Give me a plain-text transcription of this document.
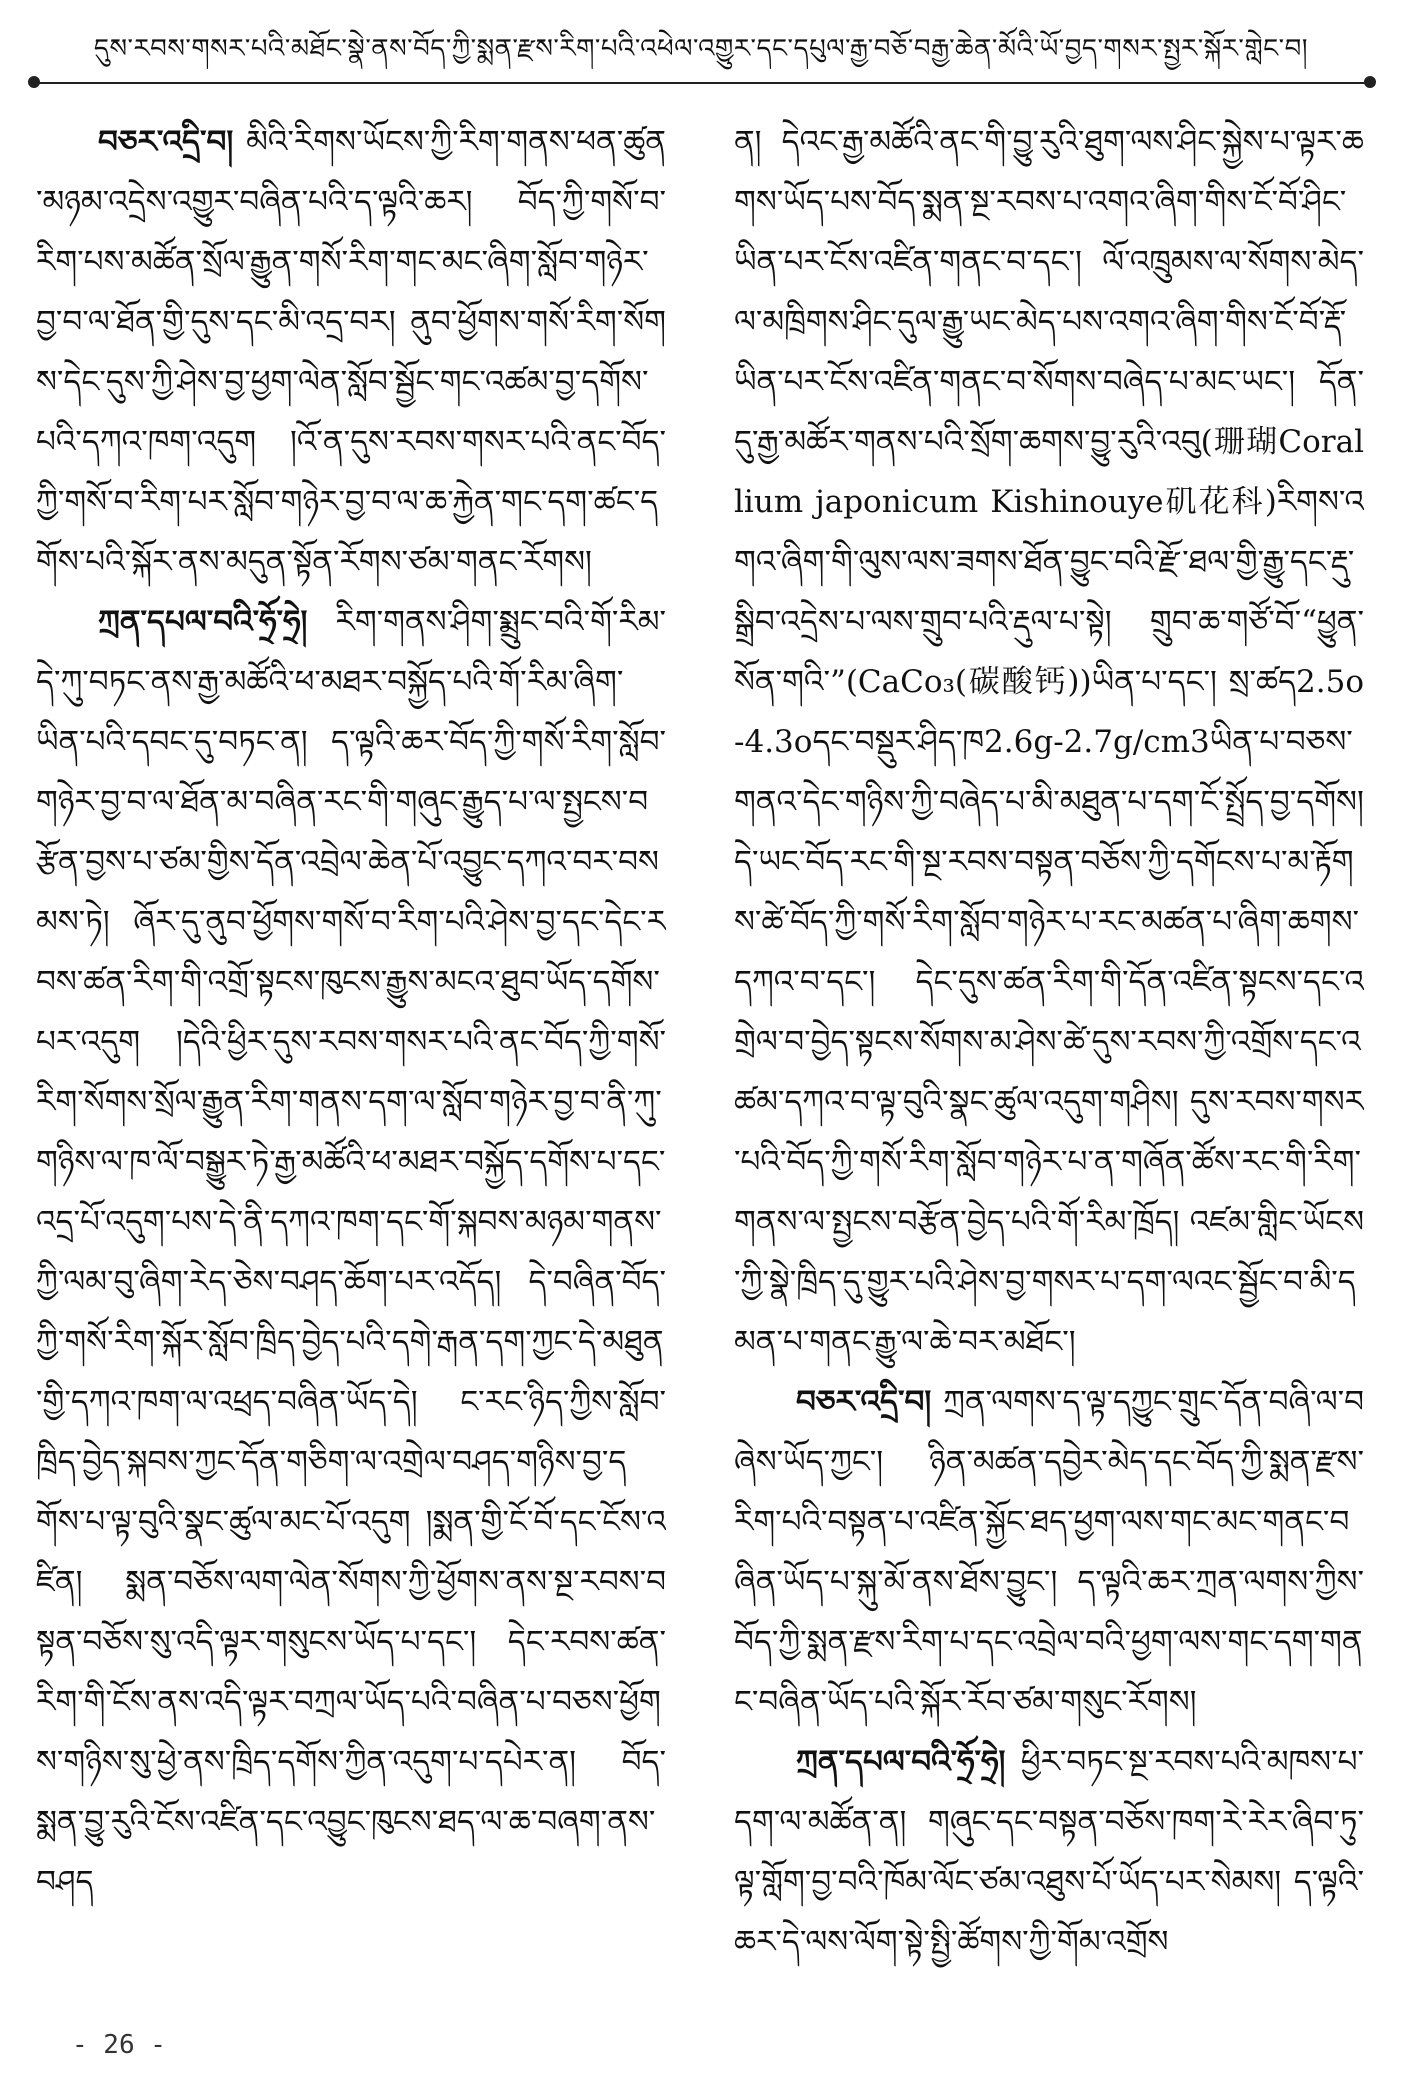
དུས་རབས་གསར་པའི་མཐོང་སྣེ་ནས་བོད་ཀྱི་སྨན་རྫས་རིག་པའི་འཕེལ་འགྱུར་དང་དཔུལ་རྒྱ་བཅོ་བརྒྱ་ཆེན་མོའི་ཡོ་བྱད་གསར་སྤྱར་སྐོར་གླེང་བ།

བཅར་འདྲི་བ། མིའི་རིགས་ཡོངས་ཀྱི་རིག་གནས་ཕན་ཚུན་མཉམ་འདྲེས་འགྱུར་བཞིན་པའི་ད་ལྟའི་ཆར། བོད་ཀྱི་གསོ་བ་རིག་པས་མཚོན་སྲོལ་རྒྱུན་གསོ་རིག་གང་མང་ཞིག་སློབ་གཉེར་བྱ་བ་ལ་ཐོན་གྱི་དུས་དང་མི་འདྲ་བར། ནུབ་ཕྱོགས་གསོ་རིག་སོགས་དེང་དུས་ཀྱི་ཤེས་བྱ་ཕྱག་ལེན་སློབ་སྦྱོང་གང་འཚམ་བྱ་དགོས་པའི་དཀའ་ཁག་འདུག །འོ་ན་དུས་རབས་གསར་པའི་ནང་བོད་ཀྱི་གསོ་བ་རིག་པར་སློབ་གཉེར་བྱ་བ་ལ་ཆ་རྐྱེན་གང་དག་ཚང་དགོས་པའི་སྐོར་ནས་མདུན་སྟོན་རོགས་ཙམ་གནང་རོགས།

ཀྲན་དཔལ་བའི་ཧྲོ་ཧྲེ། རིག་གནས་ཤིག་སྨྲུང་བའི་གོ་རིམ་དེ་ཀུ་བཏང་ནས་རྒྱ་མཚོའི་ཕ་མཐར་བསྐྱོད་པའི་གོ་རིམ་ཞིག་ཡིན་པའི་དབང་དུ་བཏང་ན། ད་ལྟའི་ཆར་བོད་ཀྱི་གསོ་རིག་སློབ་གཉེར་བྱ་བ་ལ་ཐོན་མ་བཞིན་རང་གི་གཞུང་རྒྱུད་པ་ལ་སྤྱངས་བརྩོན་བྱས་པ་ཙམ་གྱིས་དོན་འབྲེལ་ཆེན་པོ་འབྱུང་དཀའ་བར་བསམས་ཏེ། ཞོར་དུ་ནུབ་ཕྱོགས་གསོ་བ་རིག་པའི་ཤེས་བྱ་དང་དེང་རབས་ཚན་རིག་གི་འགྲོ་སྟངས་ཁུངས་རྒྱུས་མངའ་ཐུབ་ཡོད་དགོས་པར་འདུག །དེའི་ཕྱིར་དུས་རབས་གསར་པའི་ནང་བོད་ཀྱི་གསོ་རིག་སོགས་སྲོལ་རྒྱུན་རིག་གནས་དག་ལ་སློབ་གཉེར་བྱ་བ་ནི་ཀུ་གཉིས་ལ་ཁ་ལོ་བསྒྱུར་ཏེ་རྒྱ་མཚོའི་ཕ་མཐར་བསྐྱོད་དགོས་པ་དང་འདྲ་པོ་འདུག་པས་དེ་ནི་དཀའ་ཁག་དང་གོ་སྐབས་མཉམ་གནས་ཀྱི་ལམ་བུ་ཞིག་རེད་ཅེས་བཤད་ཆོག་པར་འདོད། དེ་བཞིན་བོད་ཀྱི་གསོ་རིག་སྐོར་སློབ་ཁྲིད་བྱེད་པའི་དགེ་རྒན་དག་ཀྱང་དེ་མཐུན་གྱི་དཀའ་ཁག་ལ་འཕྲད་བཞིན་ཡོད་དེ། ང་རང་ཉིད་ཀྱིས་སློབ་ཁྲིད་བྱེད་སྐབས་ཀྱང་དོན་གཅིག་ལ་འགྲེལ་བཤད་གཉིས་བྱ་དགོས་པ་ལྟ་བུའི་སྣང་ཚུལ་མང་པོ་འདུག །སྨན་གྱི་ངོ་བོ་དང་ངོས་འཛིན། སྨན་བཅོས་ལག་ལེན་སོགས་ཀྱི་ཕྱོགས་ནས་སྔ་རབས་བསྟན་བཅོས་སུ་འདི་ལྟར་གསུངས་ཡོད་པ་དང་། དེང་རབས་ཚན་རིག་གི་ངོས་ནས་འདི་ལྟར་བཀྲལ་ཡོད་པའི་བཞིན་པ་བཅས་ཕྱོགས་གཉིས་སུ་ཕྱེ་ནས་ཁྲིད་དགོས་ཀྱིན་འདུག་པ་དཔེར་ན། བོད་སྨན་བྱུ་རུའི་ངོས་འཛིན་དང་འབྱུང་ཁུངས་ཐད་ལ་ཆ་བཞག་ནས་བཤད

ན། དེའང་རྒྱ་མཚོའི་ནང་གི་བྱུ་རུའི་ཐུག་ལས་ཤིང་སྐྱེས་པ་ལྟར་ཆགས་ཡོད་པས་བོད་སྨན་སྔ་རབས་པ་འགའ་ཞིག་གིས་ངོ་བོ་ཤིང་ཡིན་པར་ངོས་འཛིན་གནང་བ་དང་། ལོ་འཁྲུམས་ལ་སོགས་མེད་ལ་མཁྲིགས་ཤིང་དུལ་རྒྱུ་ཡང་མེད་པས་འགའ་ཞིག་གིས་ངོ་བོ་རྡོ་ཡིན་པར་ངོས་འཛིན་གནང་བ་སོགས་བཞེད་པ་མང་ཡང་། དོན་དུ་རྒྱ་མཚོར་གནས་པའི་སྲོག་ཆགས་བྱུ་རུའི་འབུ(珊瑚Corallium japonicum Kishinouye矶花科)རིགས་འགའ་ཞིག་གི་ལུས་ལས་ཟགས་ཐོན་བྱུང་བའི་རྫོ་ཐལ་གྱི་རྒྱུ་དང་རྡུ་སྒྲིབ་འདྲེས་པ་ལས་གྲུབ་པའི་རྡུལ་པ་སྟེ། གྲུབ་ཆ་གཙོ་བོ་“ཕྱུན་སོན་གའི་”(CaCo₃(碳酸钙))ཡིན་པ་དང་། སྲ་ཚད2.5o-4.3oདང་བསྡུར་ཤིད་ཁ2.6g-2.7g/cm3ཡིན་པ་བཅས་གནའ་དེང་གཉིས་ཀྱི་བཞེད་པ་མི་མཐུན་པ་དག་ངོ་སྤྲོད་བྱ་དགོས། དེ་ཡང་བོད་རང་གི་སྔ་རབས་བསྟན་བཅོས་ཀྱི་དགོངས་པ་མ་རྟོགས་ཚེ་བོད་ཀྱི་གསོ་རིག་སློབ་གཉེར་པ་རང་མཚན་པ་ཞིག་ཆགས་དཀའ་བ་དང་། དེང་དུས་ཚན་རིག་གི་དོན་འཛིན་སྟངས་དང་འགྲེལ་བ་བྱེད་སྟངས་སོགས་མ་ཤེས་ཚེ་དུས་རབས་ཀྱི་འགྲོས་དང་འཚམ་དཀའ་བ་ལྟ་བུའི་སྣང་ཚུལ་འདུག་གཤིས། དུས་རབས་གསར་པའི་བོད་ཀྱི་གསོ་རིག་སློབ་གཉེར་པ་ན་གཞོན་ཚོས་རང་གི་རིག་གནས་ལ་སྤྱངས་བརྩོན་བྱེད་པའི་གོ་རིམ་ཁྲོད། འཛམ་གླིང་ཡོངས་ཀྱི་སྣེ་ཁྲིད་དུ་གྱུར་པའི་ཤེས་བྱ་གསར་པ་དག་ལའང་སྦྱོང་བ་མི་དམན་པ་གནང་རྒྱུ་ལ་ཆེ་བར་མཐོང་།

བཅར་འདྲི་བ། ཀྲན་ལགས་ད་ལྟ་དཀྱུང་གྲུང་དོན་བཞི་ལ་བཞེས་ཡོད་ཀྱང་། ཉིན་མཚན་དབྱེར་མེད་དང་བོད་ཀྱི་སྨན་རྫས་རིག་པའི་བསྟན་པ་འཛིན་སྐྱོང་ཐད་ཕྱག་ལས་གང་མང་གནང་བཞིན་ཡོད་པ་སྐུ་མོ་ནས་ཐོས་བྱུང་། ད་ལྟའི་ཆར་ཀྲན་ལགས་ཀྱིས་བོད་ཀྱི་སྨན་རྫས་རིག་པ་དང་འབྲེལ་བའི་ཕྱག་ལས་གང་དག་གནང་བཞིན་ཡོད་པའི་སྐོར་རོབ་ཙམ་གསུང་རོགས།

ཀྲན་དཔལ་བའི་ཧྲོ་ཧྲེ། ཕྱིར་བཏང་སྔ་རབས་པའི་མཁས་པ་དག་ལ་མཚོན་ན། གཞུང་དང་བསྟན་བཅོས་ཁག་རེ་རེར་ཞིབ་ཏུ་ལྟ་གློག་བྱ་བའི་ཁོམ་ལོང་ཙམ་འཐུས་པོ་ཡོད་པར་སེམས། ད་ལྟའི་ཆར་དེ་ལས་ལོག་སྟེ་སྤྱི་ཚོགས་ཀྱི་གོམ་འགྲོས

- 26 -
